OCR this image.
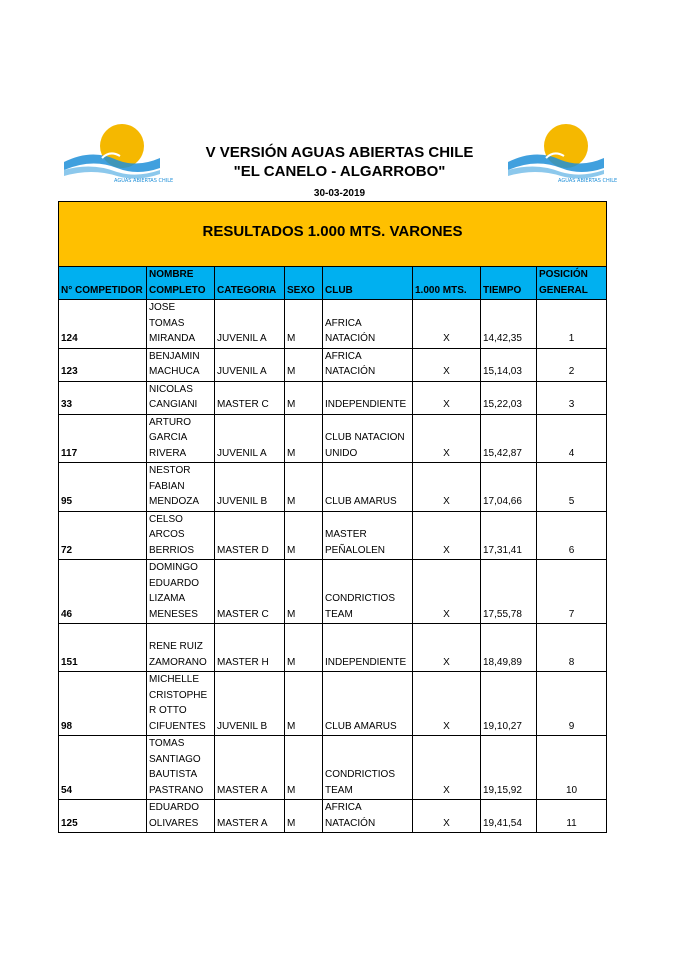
AGUAS ABIERTAS CHILE	AGUAS ABIERTAS CHILE
V VERSIÓN AGUAS ABIERTAS CHILE
"EL CANELO - ALGARROBO"
30-03-2019
RESULTADOS 1.000 MTS. VARONES							
N° COMPETIDOR	NOMBRE COMPLETO	CATEGORIA	SEXO	CLUB	1.000 MTS.	TIEMPO	POSICIÓN GENERAL
124	JOSE TOMAS MIRANDA	JUVENIL A	M	AFRICA NATACIÓN	X	14,42,35	1
123	BENJAMIN MACHUCA	JUVENIL A	M	AFRICA NATACIÓN	X	15,14,03	2
33	NICOLAS CANGIANI	MASTER C	M	INDEPENDIENTE	X	15,22,03	3
117	ARTURO GARCIA RIVERA	JUVENIL A	M	CLUB NATACION UNIDO	X	15,42,87	4
95	NESTOR FABIAN MENDOZA	JUVENIL B	M	CLUB AMARUS	X	17,04,66	5
72	CELSO ARCOS BERRIOS	MASTER D	M	MASTER PEÑALOLEN	X	17,31,41	6
46	DOMINGO EDUARDO LIZAMA MENESES	MASTER C	M	CONDRICTIOS TEAM	X	17,55,78	7
151	RENE RUIZ ZAMORANO	MASTER H	M	INDEPENDIENTE	X	18,49,89	8
98	MICHELLE CRISTOPHER OTTO CIFUENTES	JUVENIL B	M	CLUB AMARUS	X	19,10,27	9
54	TOMAS SANTIAGO BAUTISTA PASTRANO	MASTER A	M	CONDRICTIOS TEAM	X	19,15,92	10
125	EDUARDO OLIVARES	MASTER A	M	AFRICA NATACIÓN	X	19,41,54	11
